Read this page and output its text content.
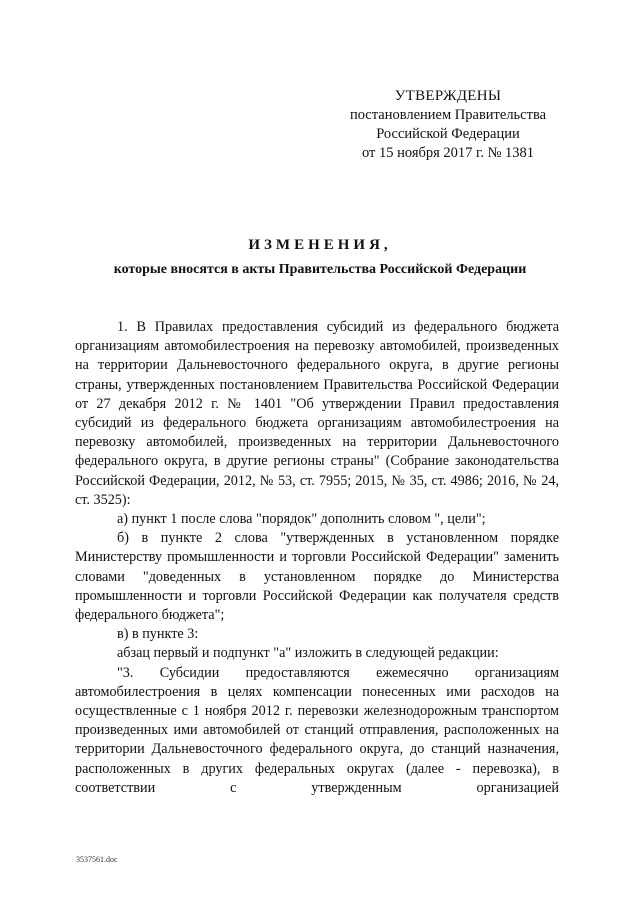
УТВЕРЖДЕНЫ
постановлением Правительства
Российской Федерации
от 15 ноября 2017 г. № 1381
ИЗМЕНЕНИЯ,
которые вносятся в акты Правительства Российской Федерации

1. В Правилах предоставления субсидий из федерального бюджета организациям автомобилестроения на перевозку автомобилей, произведенных на территории Дальневосточного федерального округа, в другие регионы страны, утвержденных постановлением Правительства Российской Федерации от 27 декабря 2012 г. № 1401 "Об утверждении Правил предоставления субсидий из федерального бюджета организациям автомобилестроения на перевозку автомобилей, произведенных на территории Дальневосточного федерального округа, в другие регионы страны" (Собрание законодательства Российской Федерации, 2012, № 53, ст. 7955; 2015, № 35, ст. 4986; 2016, № 24, ст. 3525):

а) пункт 1 после слова "порядок" дополнить словом ", цели";

б) в пункте 2 слова "утвержденных в установленном порядке Министерству промышленности и торговли Российской Федерации" заменить словами "доведенных в установленном порядке до Министерства промышленности и торговли Российской Федерации как получателя средств федерального бюджета";

в) в пункте 3:

абзац первый и подпункт "а" изложить в следующей редакции:

"3. Субсидии предоставляются ежемесячно организациям автомобилестроения в целях компенсации понесенных ими расходов на осуществленные с 1 ноября 2012 г. перевозки железнодорожным транспортом произведенных ими автомобилей от станций отправления, расположенных на территории Дальневосточного федерального округа, до станций назначения, расположенных в других федеральных округах (далее - перевозка), в соответствии с утвержденным организацией

3537561.doc
